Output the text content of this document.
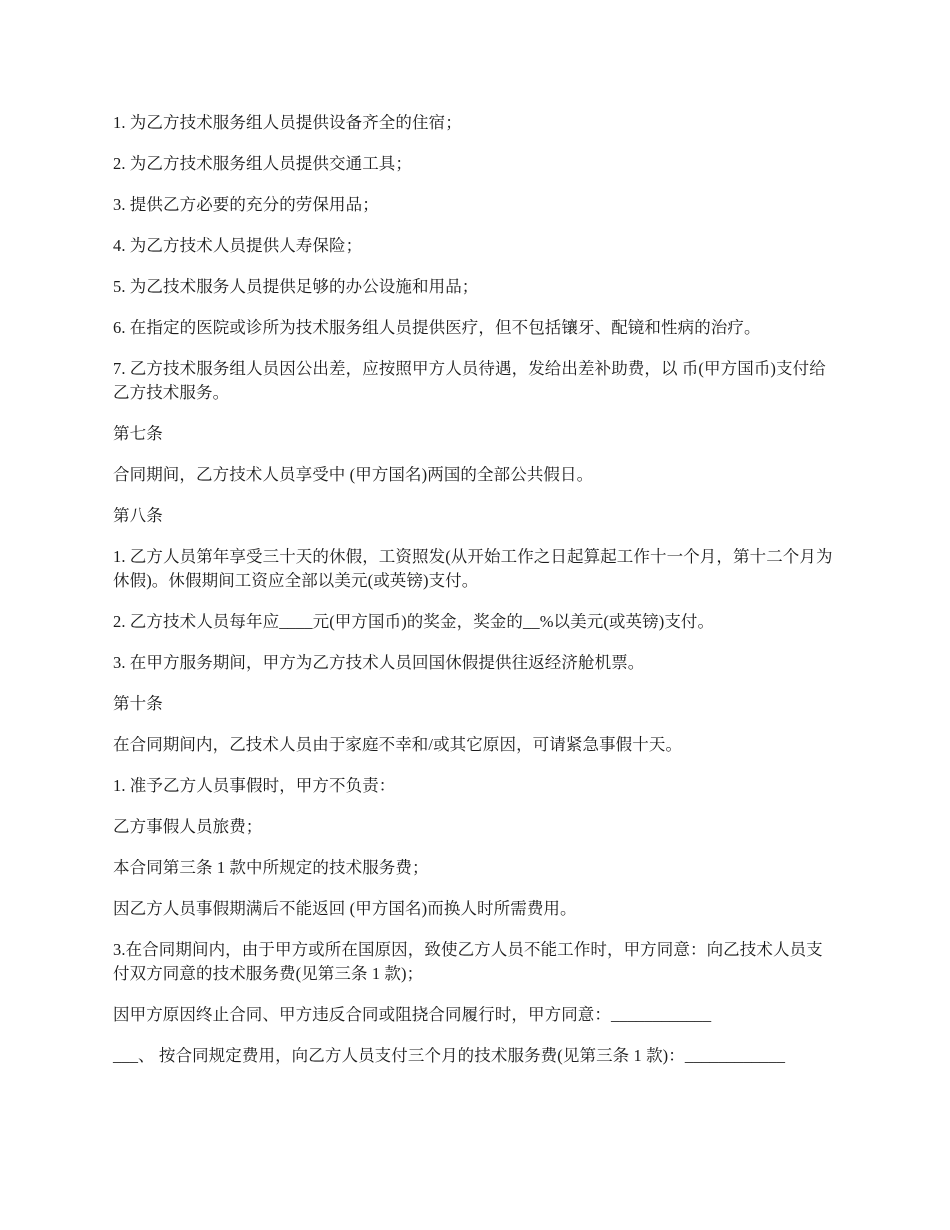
1. 为乙方技术服务组人员提供设备齐全的住宿；

2. 为乙方技术服务组人员提供交通工具；

3. 提供乙方必要的充分的劳保用品；

4. 为乙方技术人员提供人寿保险；

5. 为乙技术服务人员提供足够的办公设施和用品；

6. 在指定的医院或诊所为技术服务组人员提供医疗，但不包括镶牙、配镜和性病的治疗。

7. 乙方技术服务组人员因公出差，应按照甲方人员待遇，发给出差补助费，以 币(甲方国币)支付给乙方技术服务。

第七条

合同期间，乙方技术人员享受中 (甲方国名)两国的全部公共假日。

第八条

1. 乙方人员第年享受三十天的休假，工资照发(从开始工作之日起算起工作十一个月，第十二个月为休假)。休假期间工资应全部以美元(或英镑)支付。

2. 乙方技术人员每年应____元(甲方国币)的奖金，奖金的__%以美元(或英镑)支付。

3. 在甲方服务期间，甲方为乙方技术人员回国休假提供往返经济舱机票。

第十条

在合同期间内，乙技术人员由于家庭不幸和/或其它原因，可请紧急事假十天。

1. 准予乙方人员事假时，甲方不负责：

乙方事假人员旅费；

本合同第三条 1 款中所规定的技术服务费；

因乙方人员事假期满后不能返回 (甲方国名)而换人时所需费用。

3.在合同期间内，由于甲方或所在国原因，致使乙方人员不能工作时，甲方同意：向乙技术人员支付双方同意的技术服务费(见第三条 1 款)；

因甲方原因终止合同、甲方违反合同或阻挠合同履行时，甲方同意：____________

___、 按合同规定费用，向乙方人员支付三个月的技术服务费(见第三条 1 款)：____________
